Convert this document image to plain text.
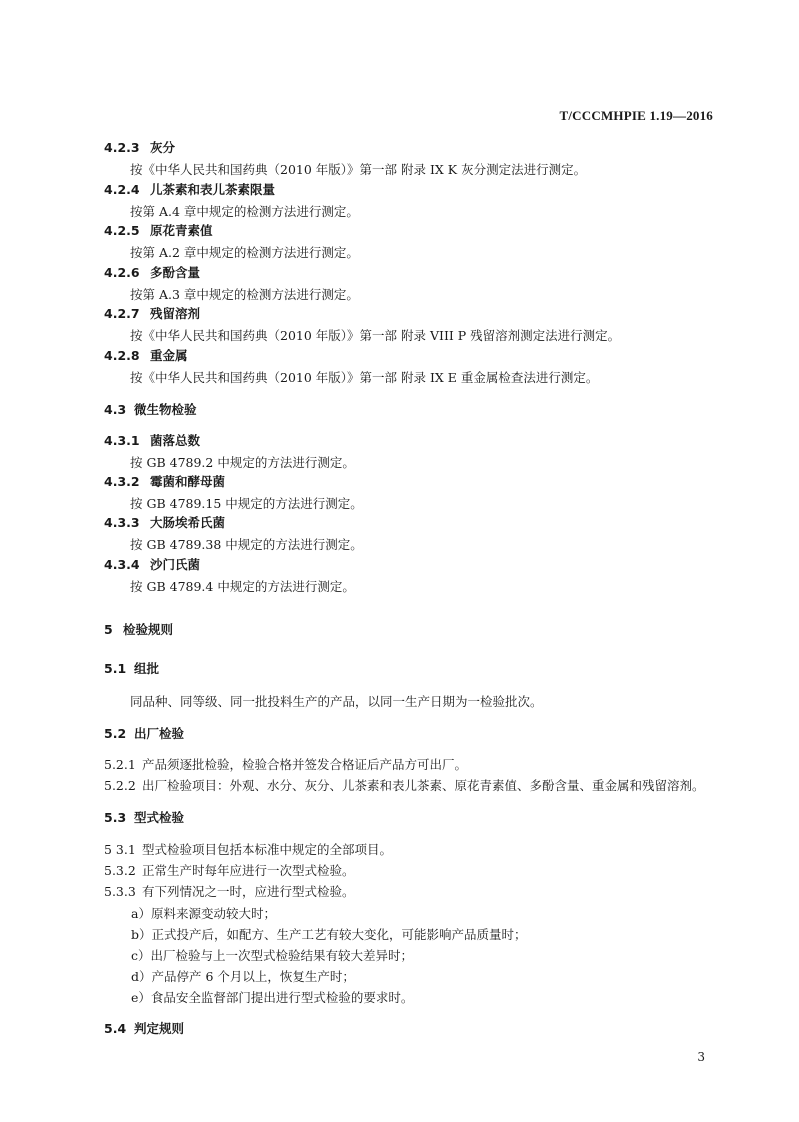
T/CCCMHPIE 1.19—2016
4.2.3 灰分
按《中华人民共和国药典（2010 年版）》第一部 附录 IX K 灰分测定法进行测定。
4.2.4 儿茶素和表儿茶素限量
按第 A.4 章中规定的检测方法进行测定。
4.2.5 原花青素值
按第 A.2 章中规定的检测方法进行测定。
4.2.6 多酚含量
按第 A.3 章中规定的检测方法进行测定。
4.2.7 残留溶剂
按《中华人民共和国药典（2010 年版）》第一部 附录 VIII P 残留溶剂测定法进行测定。
4.2.8 重金属
按《中华人民共和国药典（2010 年版）》第一部 附录 IX E 重金属检查法进行测定。
4.3 微生物检验
4.3.1 菌落总数
按 GB 4789.2 中规定的方法进行测定。
4.3.2 霉菌和酵母菌
按 GB 4789.15 中规定的方法进行测定。
4.3.3 大肠埃希氏菌
按 GB 4789.38 中规定的方法进行测定。
4.3.4 沙门氏菌
按 GB 4789.4 中规定的方法进行测定。
5 检验规则
5.1 组批
同品种、同等级、同一批投料生产的产品，以同一生产日期为一检验批次。
5.2 出厂检验
5.2.1 产品须逐批检验，检验合格并签发合格证后产品方可出厂。
5.2.2 出厂检验项目：外观、水分、灰分、儿茶素和表儿茶素、原花青素值、多酚含量、重金属和残留溶剂。
5.3 型式检验
5 3.1 型式检验项目包括本标准中规定的全部项目。
5.3.2 正常生产时每年应进行一次型式检验。
5.3.3 有下列情况之一时，应进行型式检验。
a）原料来源变动较大时；
b）正式投产后，如配方、生产工艺有较大变化，可能影响产品质量时；
c）出厂检验与上一次型式检验结果有较大差异时；
d）产品停产 6 个月以上，恢复生产时；
e）食品安全监督部门提出进行型式检验的要求时。
5.4 判定规则
3
